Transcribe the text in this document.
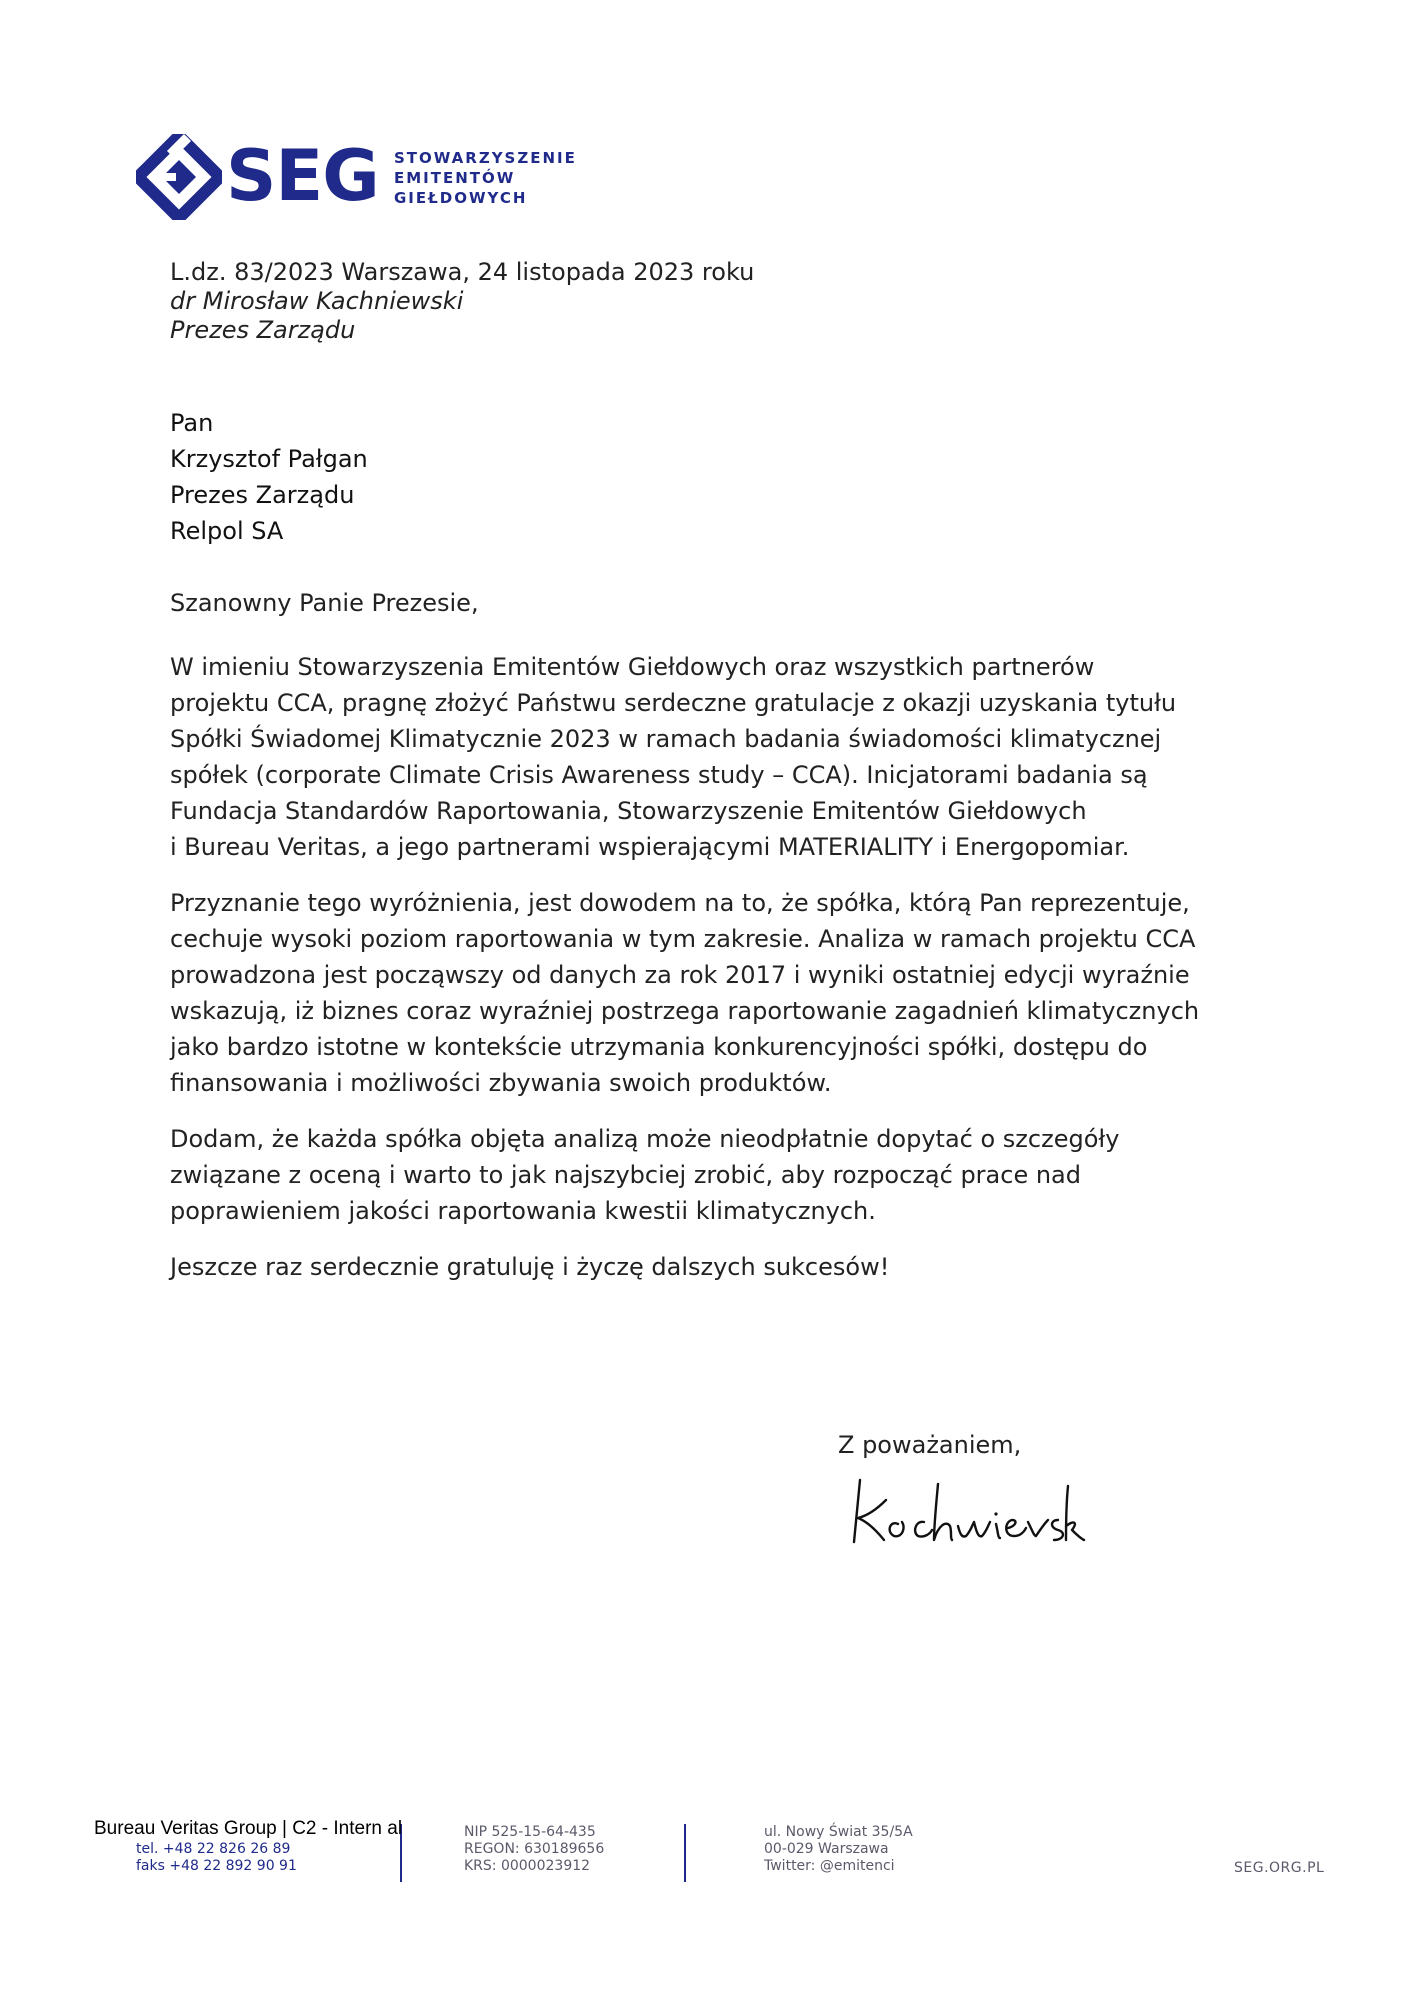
SEG STOWARZYSZENIE
EMITENTÓW
GIEŁDOWYCH
L.dz. 83/2023 Warszawa, 24 listopada 2023 roku
dr Mirosław Kachniewski
Prezes Zarządu
Pan
Krzysztof Pałgan
Prezes Zarządu
Relpol SA

Szanowny Panie Prezesie,

W imieniu Stowarzyszenia Emitentów Giełdowych oraz wszystkich partnerów
projektu CCA, pragnę złożyć Państwu serdeczne gratulacje z okazji uzyskania tytułu
Spółki Świadomej Klimatycznie 2023 w ramach badania świadomości klimatycznej
spółek (corporate Climate Crisis Awareness study – CCA). Inicjatorami badania są
Fundacja Standardów Raportowania, Stowarzyszenie Emitentów Giełdowych
i Bureau Veritas, a jego partnerami wspierającymi MATERIALITY i Energopomiar.

Przyznanie tego wyróżnienia, jest dowodem na to, że spółka, którą Pan reprezentuje,
cechuje wysoki poziom raportowania w tym zakresie. Analiza w ramach projektu CCA
prowadzona jest począwszy od danych za rok 2017 i wyniki ostatniej edycji wyraźnie
wskazują, iż biznes coraz wyraźniej postrzega raportowanie zagadnień klimatycznych
jako bardzo istotne w kontekście utrzymania konkurencyjności spółki, dostępu do
finansowania i możliwości zbywania swoich produktów.

Dodam, że każda spółka objęta analizą może nieodpłatnie dopytać o szczegóły
związane z oceną i warto to jak najszybciej zrobić, aby rozpocząć prace nad
poprawieniem jakości raportowania kwestii klimatycznych.

Jeszcze raz serdecznie gratuluję i życzę dalszych sukcesów!

Z poważaniem,
tel. +48 22 826 26 89
faks +48 22 892 90 91
NIP 525-15-64-435
REGON: 630189656
KRS: 0000023912
ul. Nowy Świat 35/5A
00-029 Warszawa
Twitter: @emitenci	SEG.ORG.PL
Bureau Veritas Group | C2 - Intern al
